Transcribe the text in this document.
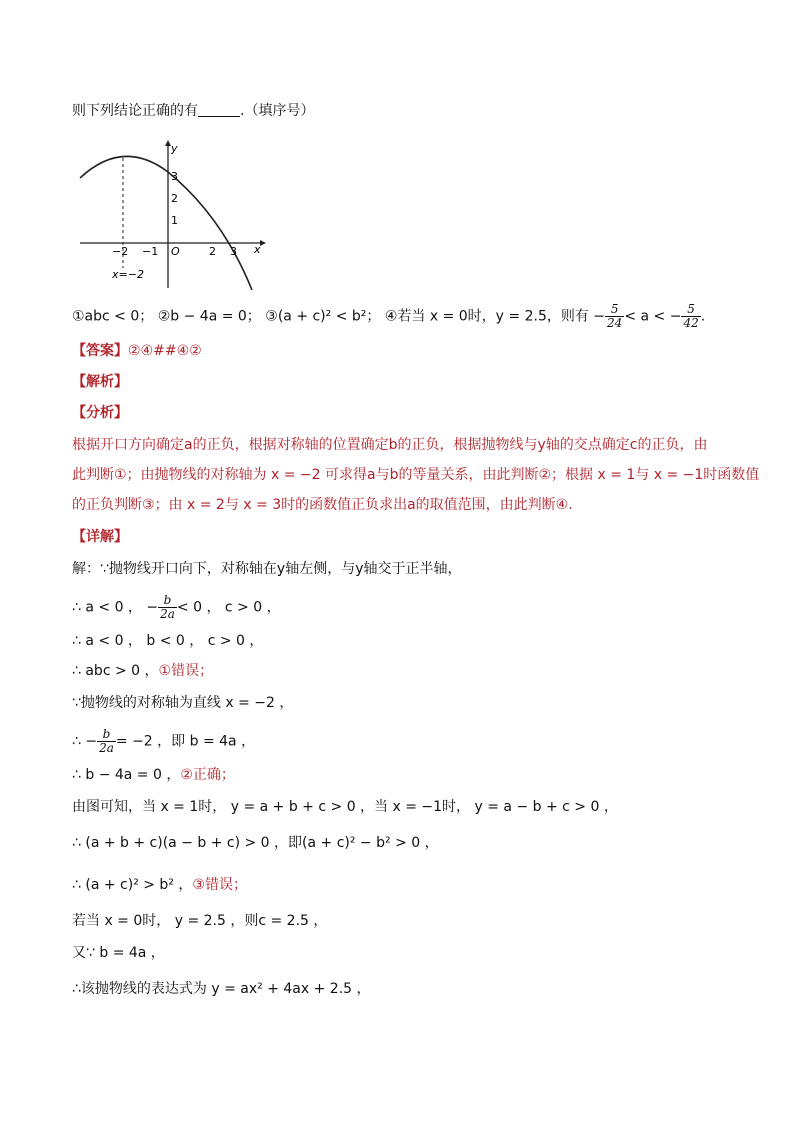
则下列结论正确的有	.（填序号）
y
x
O
−2 −1	2 3
3
2
1
x=−2
①abc < 0； ②b − 4a = 0； ③(a + c)² < b²； ④若当 x = 0时，y = 2.5，则有 − $\frac{5}{24} < a$ < − $\frac{5}{42}$ .
【答案】②④##④②
【解析】
【分析】
根据开口方向确定a的正负，根据对称轴的位置确定b的正负，根据抛物线与y轴的交点确定c的正负，由
此判断①；由抛物线的对称轴为 x = −2 可求得a与b的等量关系，由此判断②；根据 x = 1与 x = −1时函数值
的正负判断③；由 x = 2与 x = 3时的函数值正负求出a的取值范围，由此判断④.
【详解】
解：∵抛物线开口向下，对称轴在y轴左侧，与y轴交于正半轴，
∴ a < 0 ， − $\frac{b}{2a} < 0$ ， c > 0 ，
∴ a < 0 ， b < 0 ， c > 0 ，
∴ abc > 0 ，①错误；
∵抛物线的对称轴为直线 x = −2 ，
∴ − $\frac{b}{2a} = -2$ ，即 b = 4a ，
∴ b − 4a = 0 ，②正确；
由图可知，当 x = 1时， y = a + b + c > 0 ，当 x = −1时， y = a − b + c > 0 ，
∴ (a + b + c)(a − b + c) > 0 ，即(a + c)² − b² > 0 ，
∴ (a + c)² > b² ，③错误；
若当 x = 0时， y = 2.5 ，则c = 2.5 ，
又∵ b = 4a ，
∴该抛物线的表达式为 y = ax² + 4ax + 2.5 ，
